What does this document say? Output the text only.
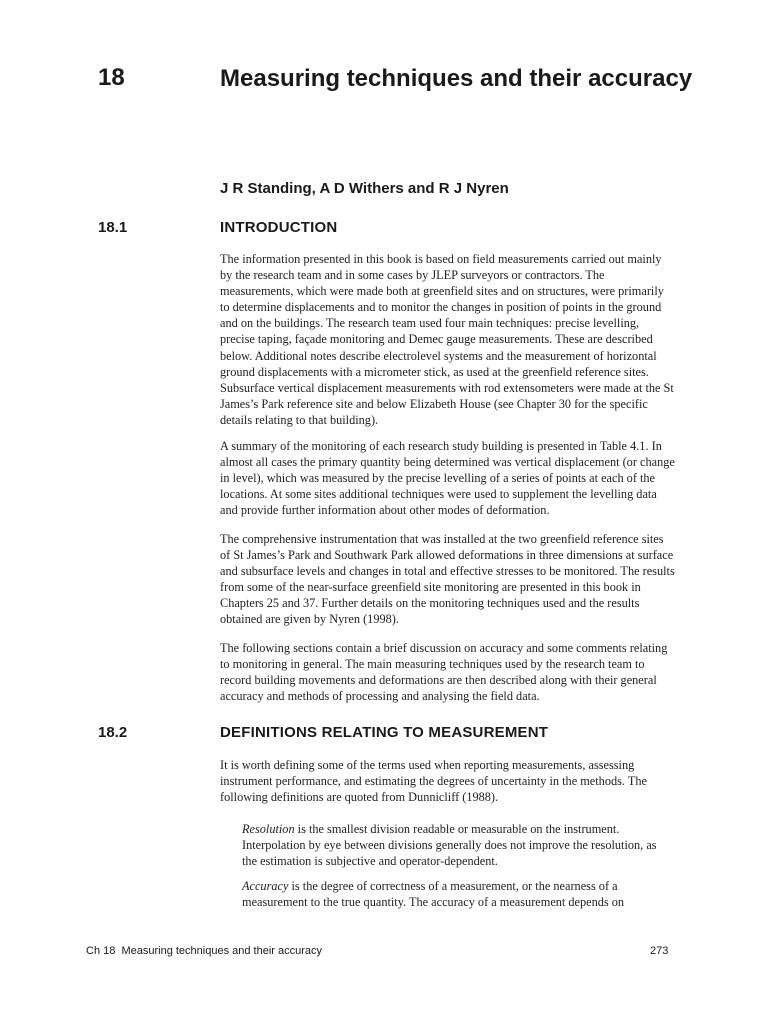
18	Measuring techniques and their accuracy
J R Standing, A D Withers and R J Nyren
18.1	INTRODUCTION

The information presented in this book is based on field measurements carried out mainly by the research team and in some cases by JLEP surveyors or contractors. The measurements, which were made both at greenfield sites and on structures, were primarily to determine displacements and to monitor the changes in position of points in the ground and on the buildings. The research team used four main techniques: precise levelling, precise taping, façade monitoring and Demec gauge measurements. These are described below. Additional notes describe electrolevel systems and the measurement of horizontal ground displacements with a micrometer stick, as used at the greenfield reference sites. Subsurface vertical displacement measurements with rod extensometers were made at the St James’s Park reference site and below Elizabeth House (see Chapter 30 for the specific details relating to that building).

A summary of the monitoring of each research study building is presented in Table 4.1. In almost all cases the primary quantity being determined was vertical displacement (or change in level), which was measured by the precise levelling of a series of points at each of the locations. At some sites additional techniques were used to supplement the levelling data and provide further information about other modes of deformation.

The comprehensive instrumentation that was installed at the two greenfield reference sites of St James’s Park and Southwark Park allowed deformations in three dimensions at surface and subsurface levels and changes in total and effective stresses to be monitored. The results from some of the near-surface greenfield site monitoring are presented in this book in Chapters 25 and 37. Further details on the monitoring techniques used and the results obtained are given by Nyren (1998).

The following sections contain a brief discussion on accuracy and some comments relating to monitoring in general. The main measuring techniques used by the research team to record building movements and deformations are then described along with their general accuracy and methods of processing and analysing the field data.

18.2	DEFINITIONS RELATING TO MEASUREMENT

It is worth defining some of the terms used when reporting measurements, assessing instrument performance, and estimating the degrees of uncertainty in the methods. The following definitions are quoted from Dunnicliff (1988).

Resolution is the smallest division readable or measurable on the instrument. Interpolation by eye between divisions generally does not improve the resolution, as the estimation is subjective and operator-dependent.

Accuracy is the degree of correctness of a measurement, or the nearness of a measurement to the true quantity. The accuracy of a measurement depends on

Ch 18  Measuring techniques and their accuracy	273
